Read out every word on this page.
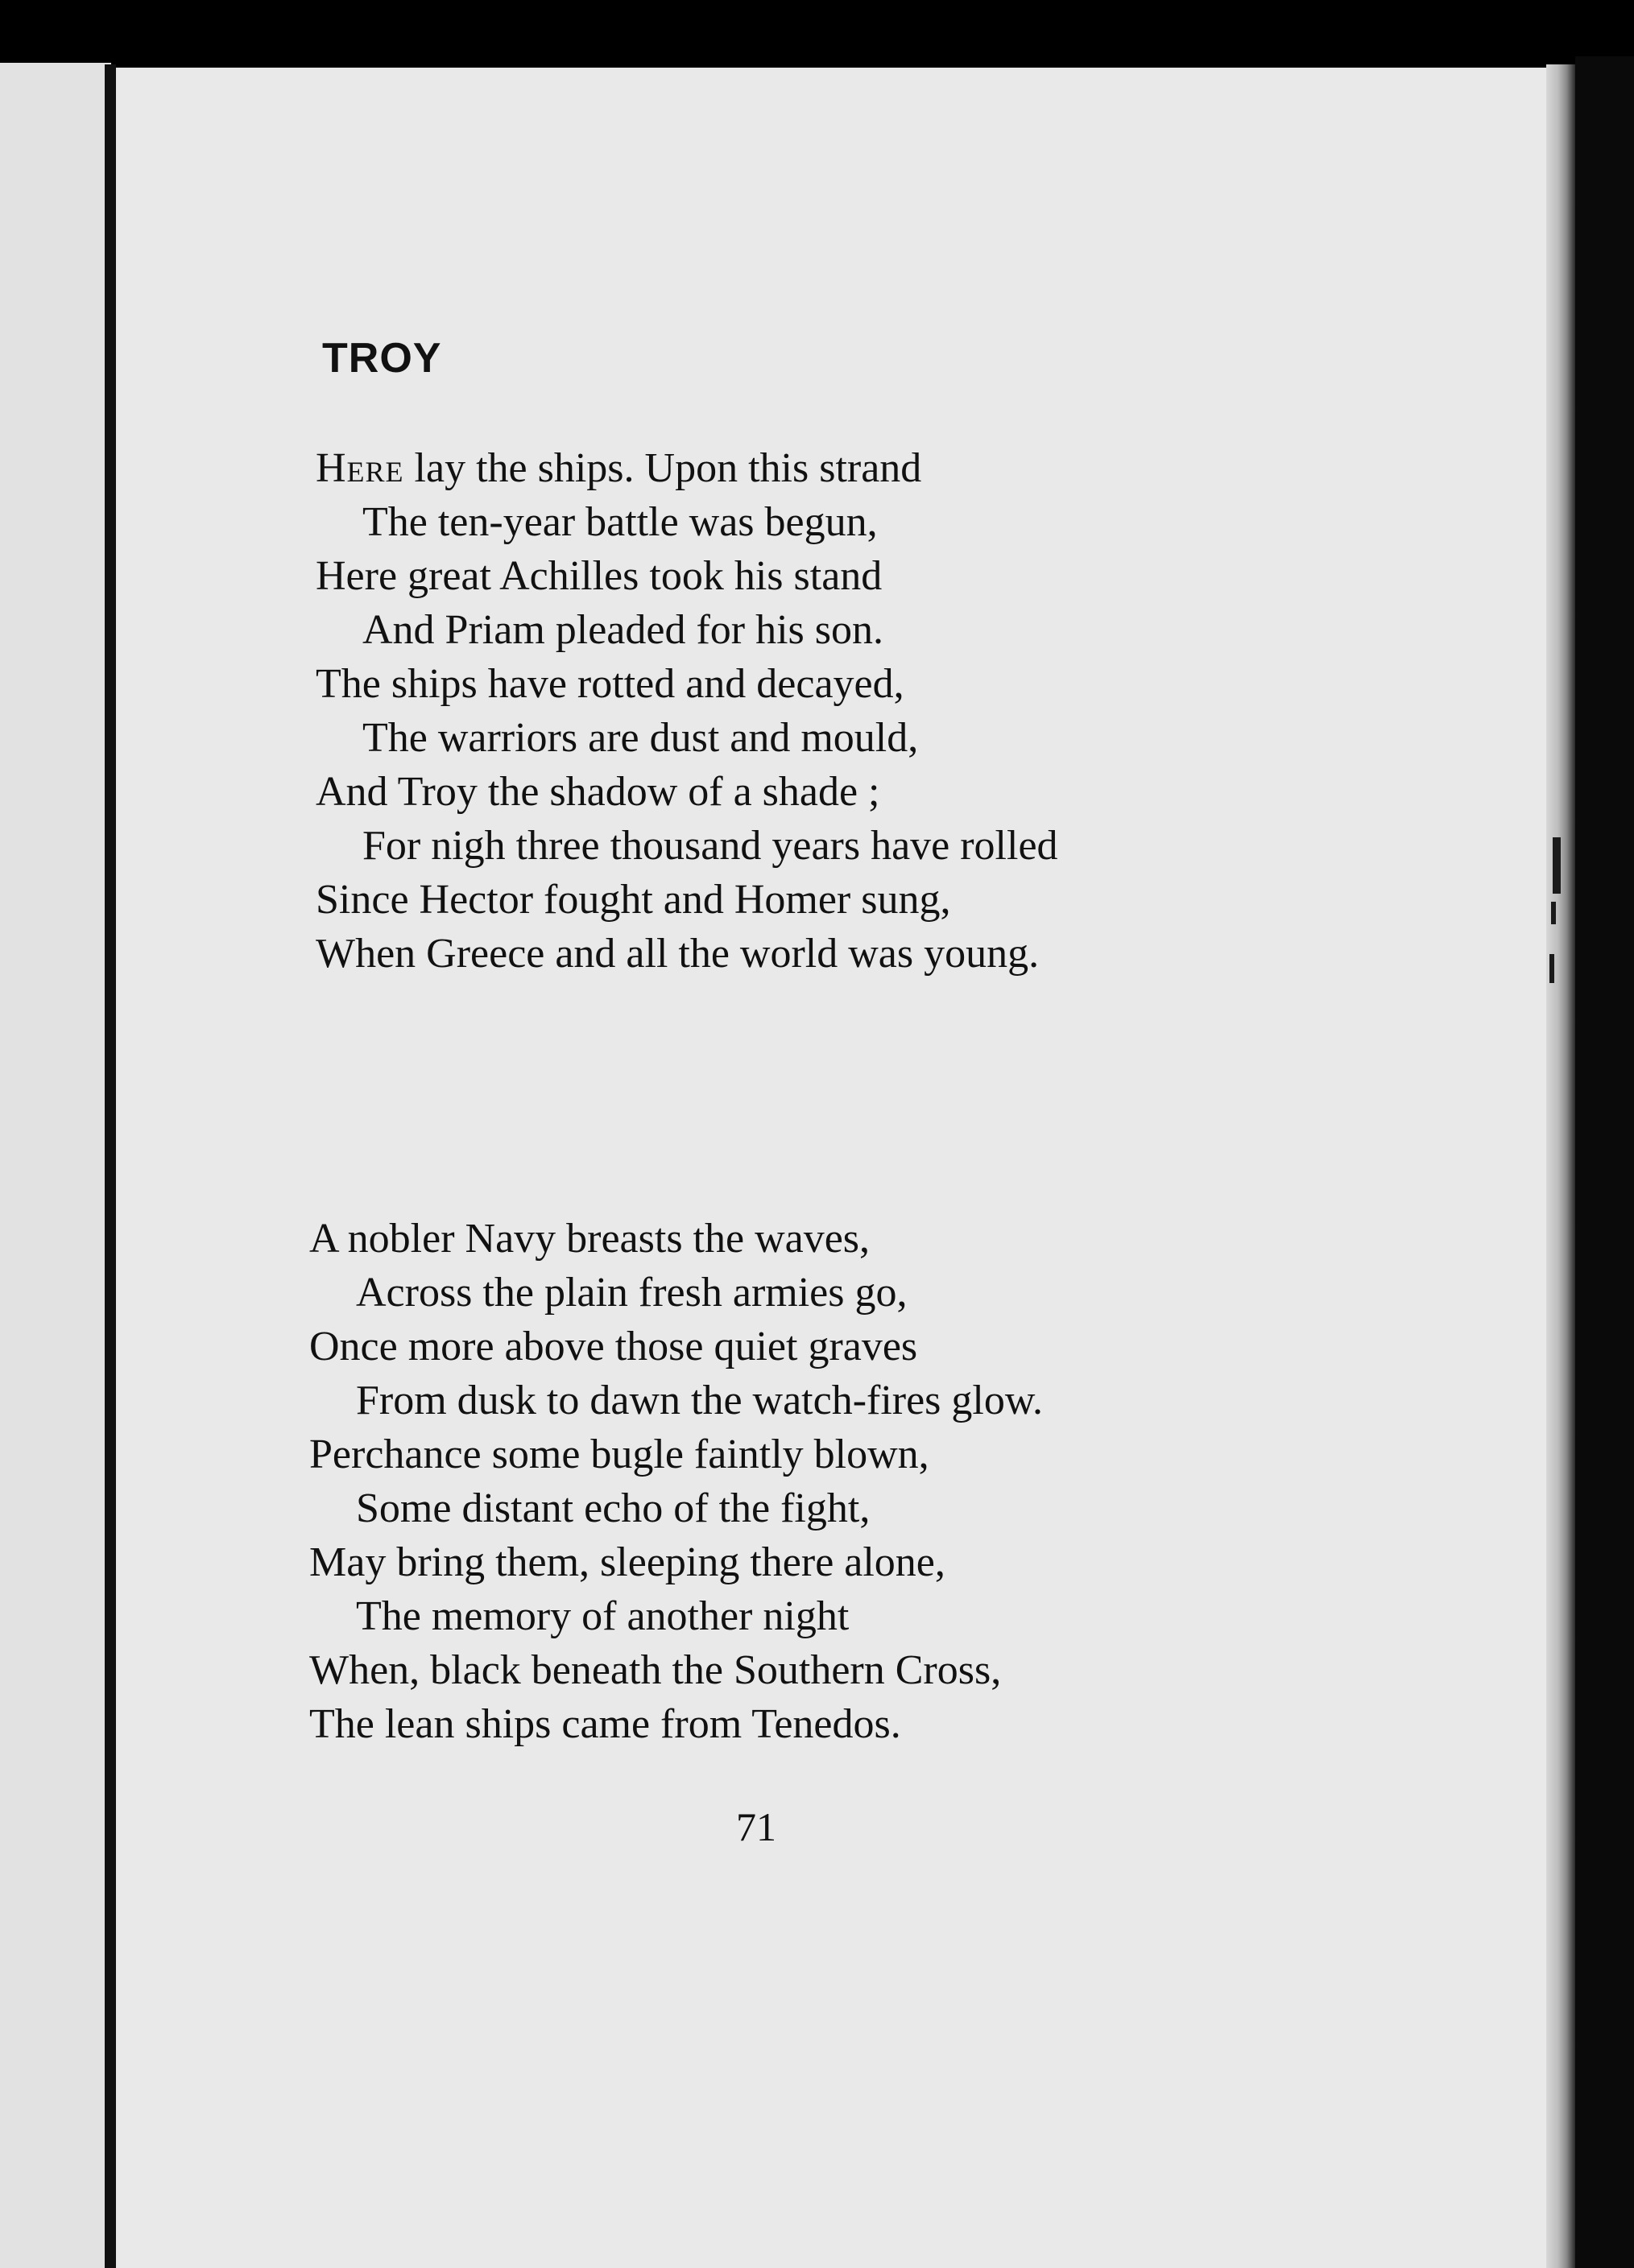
TROY
Here lay the ships. Upon this strand
The ten-year battle was begun,
Here great Achilles took his stand
And Priam pleaded for his son.
The ships have rotted and decayed,
The warriors are dust and mould,
And Troy the shadow of a shade ;
For nigh three thousand years have rolled
Since Hector fought and Homer sung,
When Greece and all the world was young.
A nobler Navy breasts the waves,
Across the plain fresh armies go,
Once more above those quiet graves
From dusk to dawn the watch-fires glow.
Perchance some bugle faintly blown,
Some distant echo of the fight,
May bring them, sleeping there alone,
The memory of another night
When, black beneath the Southern Cross,
The lean ships came from Tenedos.
71
